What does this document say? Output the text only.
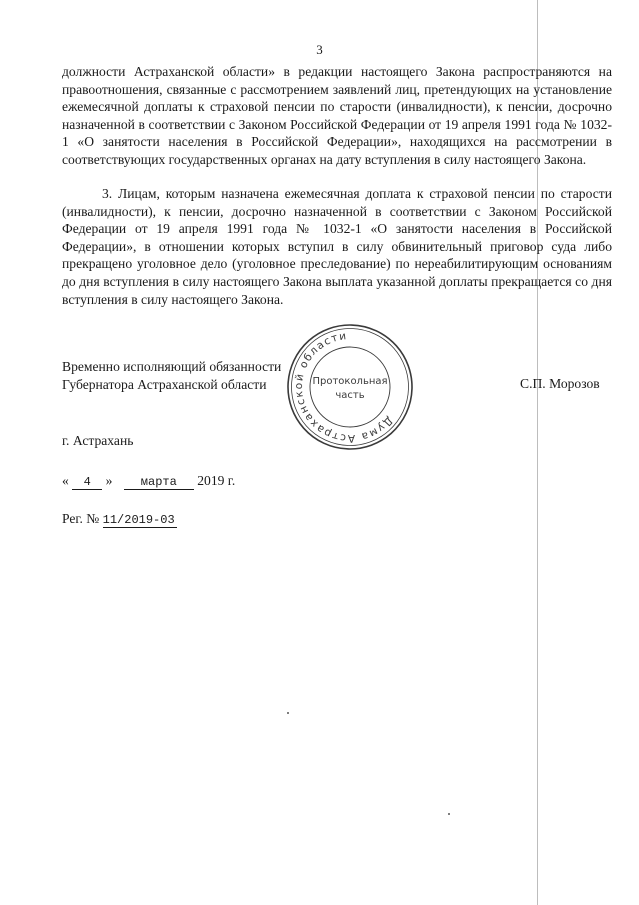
3

должности Астраханской области» в редакции настоящего Закона распространяются на правоотношения, связанные с рассмотрением заявлений лиц, претендующих на установление ежемесячной доплаты к страховой пенсии по старости (инвалидности), к пенсии, досрочно назначенной в соответствии с Законом Российской Федерации от 19 апреля 1991 года № 1032-1 «О занятости населения в Российской Федерации», находящихся на рассмотрении в соответствующих государственных органах на дату вступления в силу настоящего Закона.

3. Лицам, которым назначена ежемесячная доплата к страховой пенсии по старости (инвалидности), к пенсии, досрочно назначенной в соответствии с Законом Российской Федерации от 19 апреля 1991 года № 1032-1 «О занятости населения в Российской Федерации», в отношении которых вступил в силу обвинительный приговор суда либо прекращено уголовное дело (уголовное преследование) по нереабилитирующим основаниям до дня вступления в силу настоящего Закона выплата указанной доплаты прекращается со дня вступления в силу настоящего Закона.

Временно исполняющий обязанности
Губернатора Астраханской области
Дума Астраханской области
Протокольная
часть
С.П. Морозов
г. Астрахань
« 4 » марта 2019 г.
Рег. № 11/2019-03
